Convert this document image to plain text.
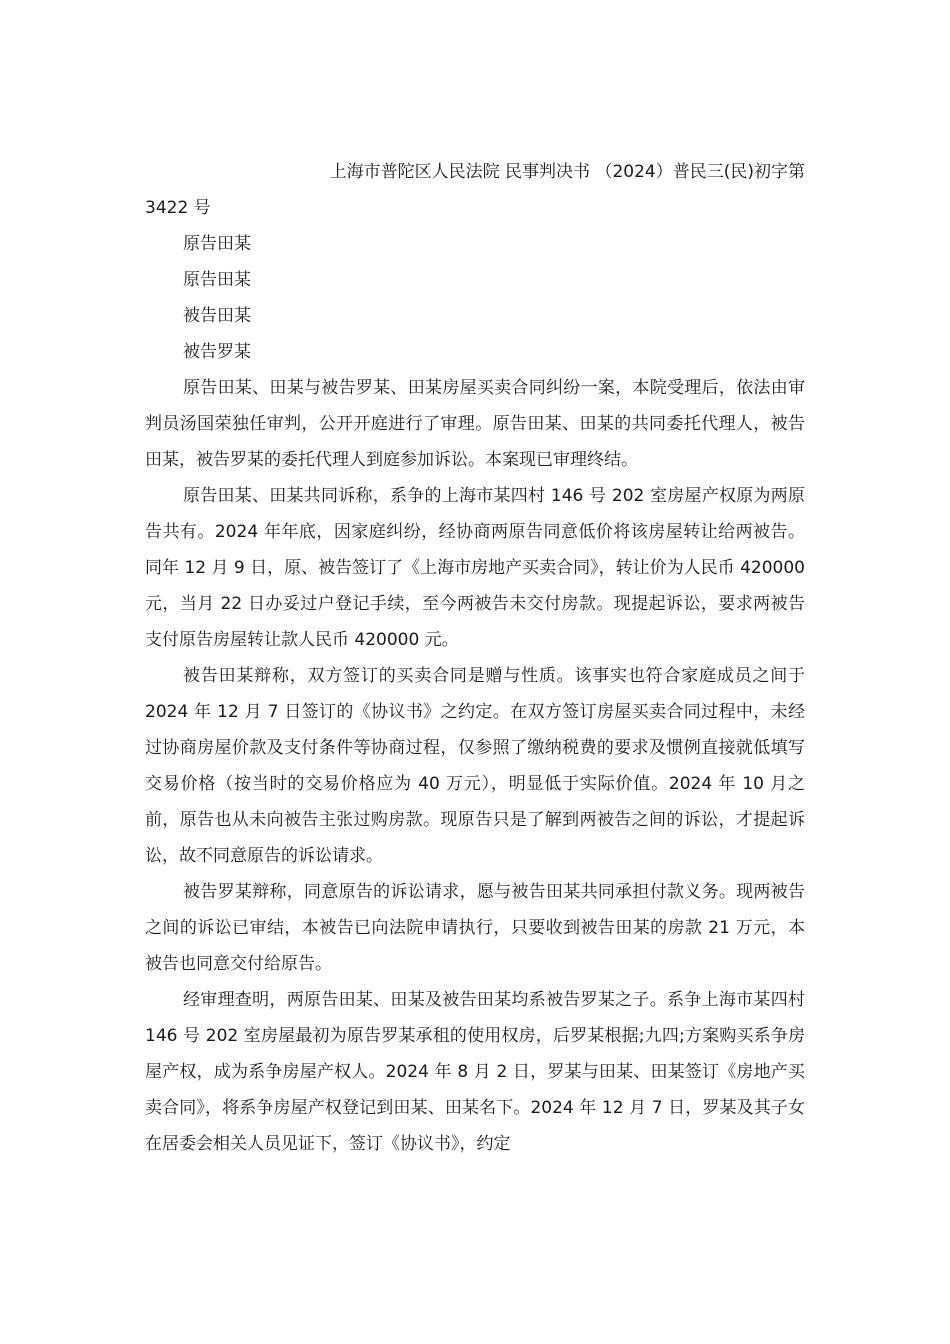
上海市普陀区人民法院 民事判决书 （2024）普民三(民)初字第

3422 号

原告田某

原告田某

被告田某

被告罗某

原告田某、田某与被告罗某、田某房屋买卖合同纠纷一案，本院受理后，依法由审判员汤国荣独任审判，公开开庭进行了审理。原告田某、田某的共同委托代理人，被告田某，被告罗某的委托代理人到庭参加诉讼。本案现已审理终结。

原告田某、田某共同诉称，系争的上海市某四村 146 号 202 室房屋产权原为两原告共有。2024 年年底，因家庭纠纷，经协商两原告同意低价将该房屋转让给两被告。同年 12 月 9 日，原、被告签订了《上海市房地产买卖合同》，转让价为人民币 420000 元，当月 22 日办妥过户登记手续，至今两被告未交付房款。现提起诉讼，要求两被告支付原告房屋转让款人民币 420000 元。

被告田某辩称，双方签订的买卖合同是赠与性质。该事实也符合家庭成员之间于 2024 年 12 月 7 日签订的《协议书》之约定。在双方签订房屋买卖合同过程中，未经过协商房屋价款及支付条件等协商过程，仅参照了缴纳税费的要求及惯例直接就低填写交易价格（按当时的交易价格应为 40 万元），明显低于实际价值。2024 年 10 月之前，原告也从未向被告主张过购房款。现原告只是了解到两被告之间的诉讼，才提起诉讼，故不同意原告的诉讼请求。

被告罗某辩称，同意原告的诉讼请求，愿与被告田某共同承担付款义务。现两被告之间的诉讼已审结，本被告已向法院申请执行，只要收到被告田某的房款 21 万元，本被告也同意交付给原告。

经审理查明，两原告田某、田某及被告田某均系被告罗某之子。系争上海市某四村 146 号 202 室房屋最初为原告罗某承租的使用权房，后罗某根据;九四;方案购买系争房屋产权，成为系争房屋产权人。2024 年 8 月 2 日，罗某与田某、田某签订《房地产买卖合同》，将系争房屋产权登记到田某、田某名下。2024 年 12 月 7 日，罗某及其子女在居委会相关人员见证下，签订《协议书》，约定
